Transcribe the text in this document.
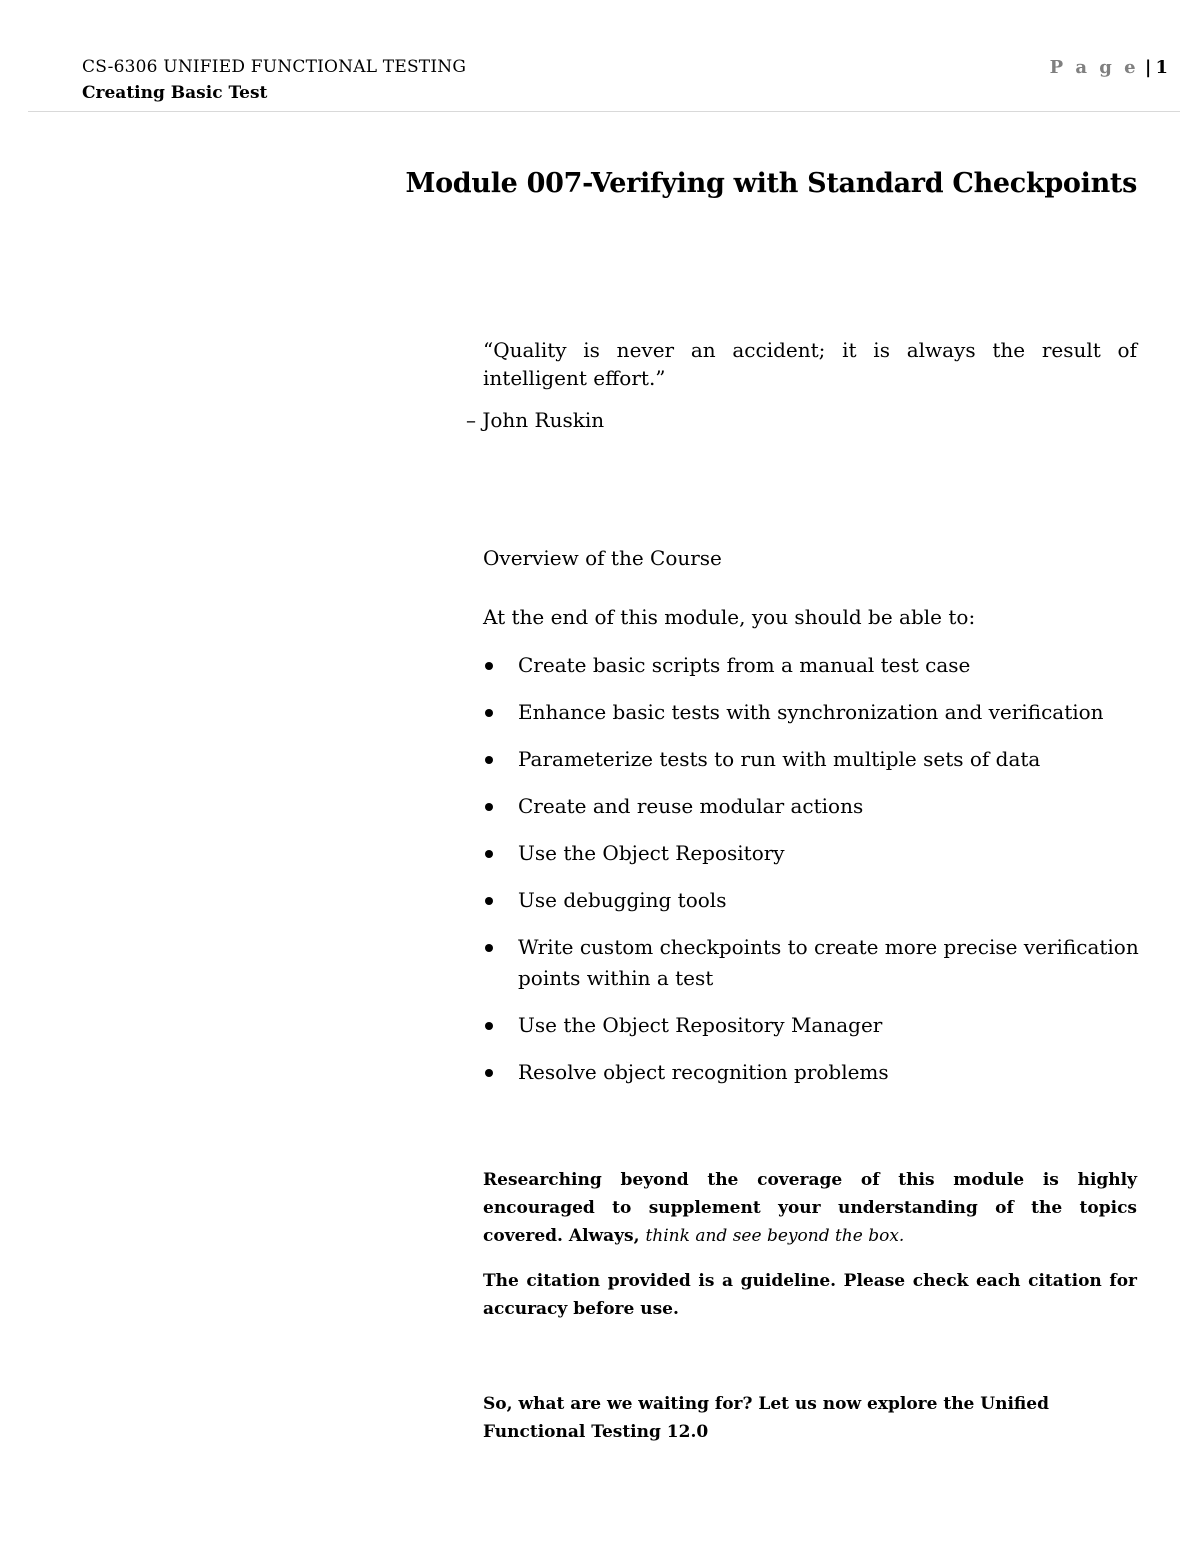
CS-6306 UNIFIED FUNCTIONAL TESTING
Creating Basic Test
P a g e | 1
Module 007-Verifying with Standard Checkpoints
“Quality is never an accident; it is always the result of intelligent effort.”
– John Ruskin
Overview of the Course
At the end of this module, you should be able to:
Create basic scripts from a manual test case
Enhance basic tests with synchronization and verification
Parameterize tests to run with multiple sets of data
Create and reuse modular actions
Use the Object Repository
Use debugging tools
Write custom checkpoints to create more precise verification points within a test
Use the Object Repository Manager
Resolve object recognition problems
Researching beyond the coverage of this module is highly encouraged to supplement your understanding of the topics covered. Always, think and see beyond the box.
The citation provided is a guideline. Please check each citation for accuracy before use.
So, what are we waiting for? Let us now explore the Unified Functional Testing 12.0
